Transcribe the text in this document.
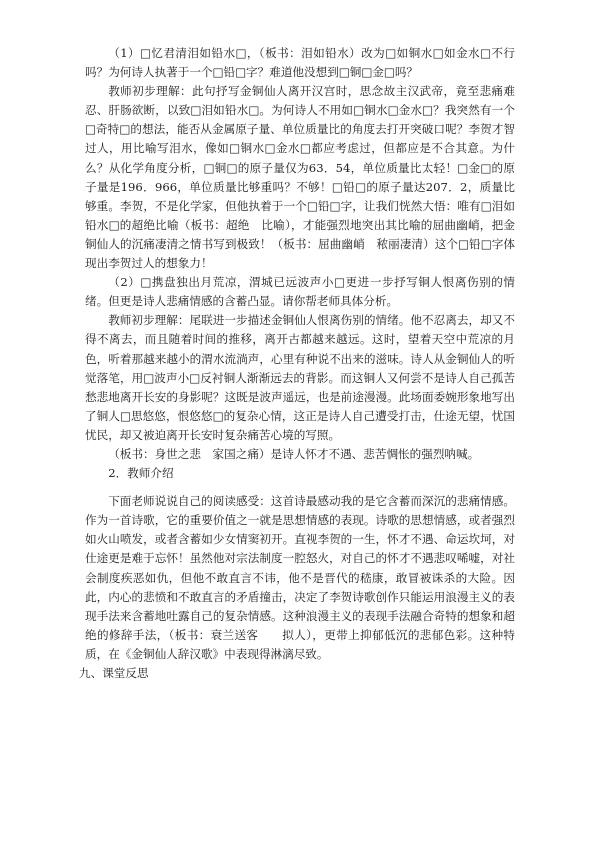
（1）□忆君清泪如铅水□，（板书：泪如铅水）改为□如铜水□如金水□不行吗？为何诗人执著于一个□铅□字？难道他没想到□铜□金□吗？

教师初步理解：此句抒写金铜仙人离开汉宫时，思念故主汉武帝，竟至悲痛难忍、肝肠欲断，以致□泪如铅水□。为何诗人不用如□铜水□金水□？我突然有一个□奇特□的想法，能否从金属原子量、单位质量比的角度去打开突破口呢？李贺才智过人，用比喻写泪水，像如□铜水□金水□都应考虑过，但都应是不合其意。为什么？从化学角度分析，□铜□的原子量仅为63．54，单位质量比太轻！□金□的原子量是196．966，单位质量比够重吗？不够！□铅□的原子量达207．2，质量比够重。李贺，不是化学家，但他执着于一个□铅□字，让我们恍然大悟：唯有□泪如铅水□的超绝比喻（板书：超绝　比喻），才能强烈地突出其比喻的屈曲幽峭，把金铜仙人的沉痛凄清之情书写到极致！（板书：屈曲幽峭　秾丽凄清）这个□铅□字体现出李贺过人的想象力！

（2）□携盘独出月荒凉，渭城已远波声小□更进一步抒写铜人恨离伤别的情绪。但更是诗人悲痛情感的含蓄凸显。请你帮老师具体分析。

教师初步理解：尾联进一步描述金铜仙人恨离伤别的情绪。他不忍离去，却又不得不离去，而且随着时间的推移，离开古都越来越远。这时，望着天空中荒凉的月色，听着那越来越小的渭水流淌声，心里有种说不出来的滋味。诗人从金铜仙人的听觉落笔，用□波声小□反衬铜人渐渐远去的背影。而这铜人又何尝不是诗人自己孤苦愁悲地离开长安的身影呢？这既是波声遥远，也是前途漫漫。此场面委婉形象地写出了铜人□思悠悠，恨悠悠□的复杂心情，这正是诗人自己遭受打击，仕途无望，忧国忧民，却又被迫离开长安时复杂痛苦心境的写照。

（板书：身世之悲　家国之痛）是诗人怀才不遇、悲苦惆怅的强烈呐喊。

2．教师介绍

下面老师说说自己的阅读感受：这首诗最感动我的是它含蓄而深沉的悲痛情感。作为一首诗歌，它的重要价值之一就是思想情感的表现。诗歌的思想情感，或者强烈如火山喷发，或者含蓄如少女情窦初开。直视李贺的一生，怀才不遇、命运坎坷，对仕途更是难于忘怀！虽然他对宗法制度一腔怒火，对自己的怀才不遇悲叹唏嘘，对社会制度疾恶如仇，但他不敢直言不讳，他不是晋代的嵇康，敢冒被诛杀的大险。因此，内心的悲愤和不敢直言的矛盾撞击，决定了李贺诗歌创作只能运用浪漫主义的表现手法来含蓄地吐露自己的复杂情感。这种浪漫主义的表现手法融合奇特的想象和超绝的修辞手法，（板书：衰兰送客　　拟人），更带上抑郁低沉的悲郁色彩。这种特质，在《金铜仙人辞汉歌》中表现得淋漓尽致。

九、课堂反思
